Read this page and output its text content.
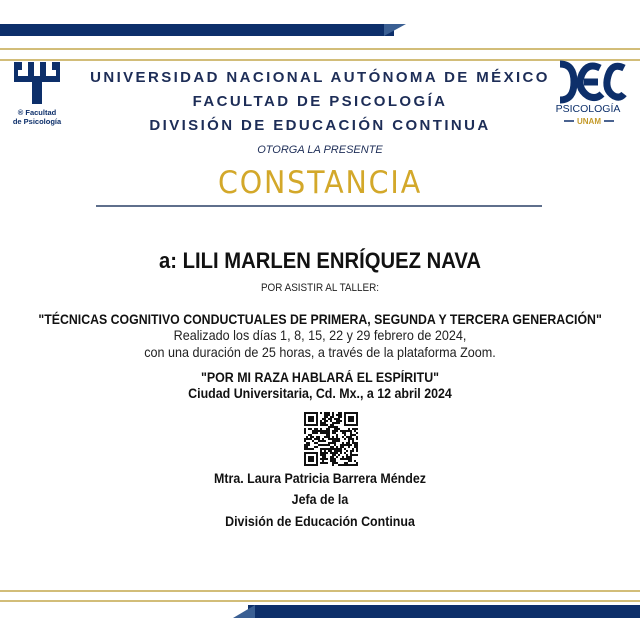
® Facultad
de Psicología
PSICOLOGÍA
UNAM
UNIVERSIDAD NACIONAL AUTÓNOMA DE MÉXICO
FACULTAD DE PSICOLOGÍA
DIVISIÓN DE EDUCACIÓN CONTINUA
OTORGA LA PRESENTE
CONSTANCIA
a: LILI MARLEN ENRÍQUEZ NAVA
POR ASISTIR AL TALLER:
"TÉCNICAS COGNITIVO CONDUCTUALES DE PRIMERA, SEGUNDA Y TERCERA GENERACIÓN"
Realizado los días 1, 8, 15, 22 y 29 febrero de 2024,
con una duración de 25 horas, a través de la plataforma Zoom.
"POR MI RAZA HABLARÁ EL ESPÍRITU"
Ciudad Universitaria, Cd. Mx., a 12 abril 2024
Mtra. Laura Patricia Barrera Méndez
Jefa de la
División de Educación Continua
